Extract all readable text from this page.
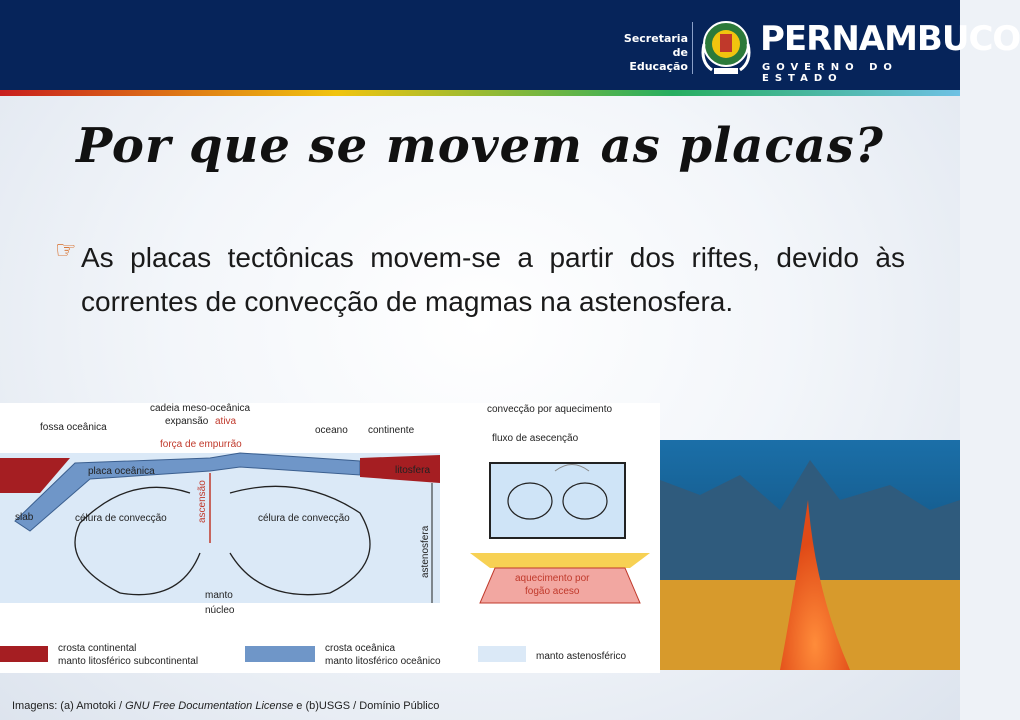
Secretaria de
Educação
PERNAMBUCO
GOVERNO DO ESTADO
Por que se movem as placas?
☞ As placas tectônicas movem-se a partir dos riftes, devido às correntes de convecção de magmas na astenosfera.
fossa oceânica
cadeia meso-oceânica
expansão ativa
força de empurrão
oceano continente
placa oceânica	litosfera
slab	ascensão
célura de convecção	célura de convecção
astenosfera
manto
núcleo
convecção por aquecimento
fluxo de asecenção
aquecimento por
fogão aceso
crosta continental
manto litosférico subcontinental
crosta oceânica
manto litosférico oceânico	manto astenosférico
Imagens: (a) Amotoki / GNU Free Documentation License e (b)USGS / Domínio Público
